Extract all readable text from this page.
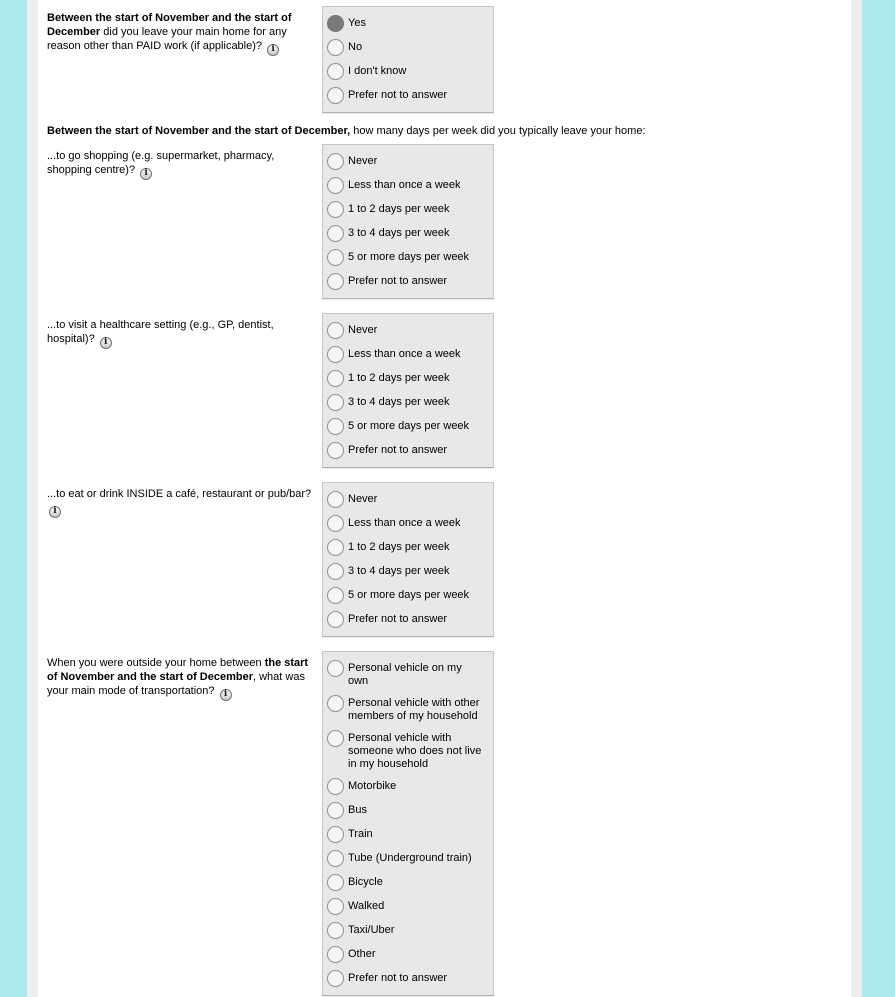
Between the start of November and the start of December did you leave your main home for any reason other than PAID work (if applicable)? i
Yes
No
I don't know
Prefer not to answer
Between the start of November and the start of December, how many days per week did you typically leave your home:
...to go shopping (e.g. supermarket, pharmacy, shopping centre)? i
Never
Less than once a week
1 to 2 days per week
3 to 4 days per week
5 or more days per week
Prefer not to answer
...to visit a healthcare setting (e.g., GP, dentist, hospital)? i
Never
Less than once a week
1 to 2 days per week
3 to 4 days per week
5 or more days per week
Prefer not to answer
...to eat or drink INSIDE a café, restaurant or pub/bar? i
Never
Less than once a week
1 to 2 days per week
3 to 4 days per week
5 or more days per week
Prefer not to answer
When you were outside your home between the start of November and the start of December, what was your main mode of transportation? i
Personal vehicle on my own
Personal vehicle with other members of my household
Personal vehicle with someone who does not live in my household
Motorbike
Bus
Train
Tube (Underground train)
Bicycle
Walked
Taxi/Uber
Other
Prefer not to answer
